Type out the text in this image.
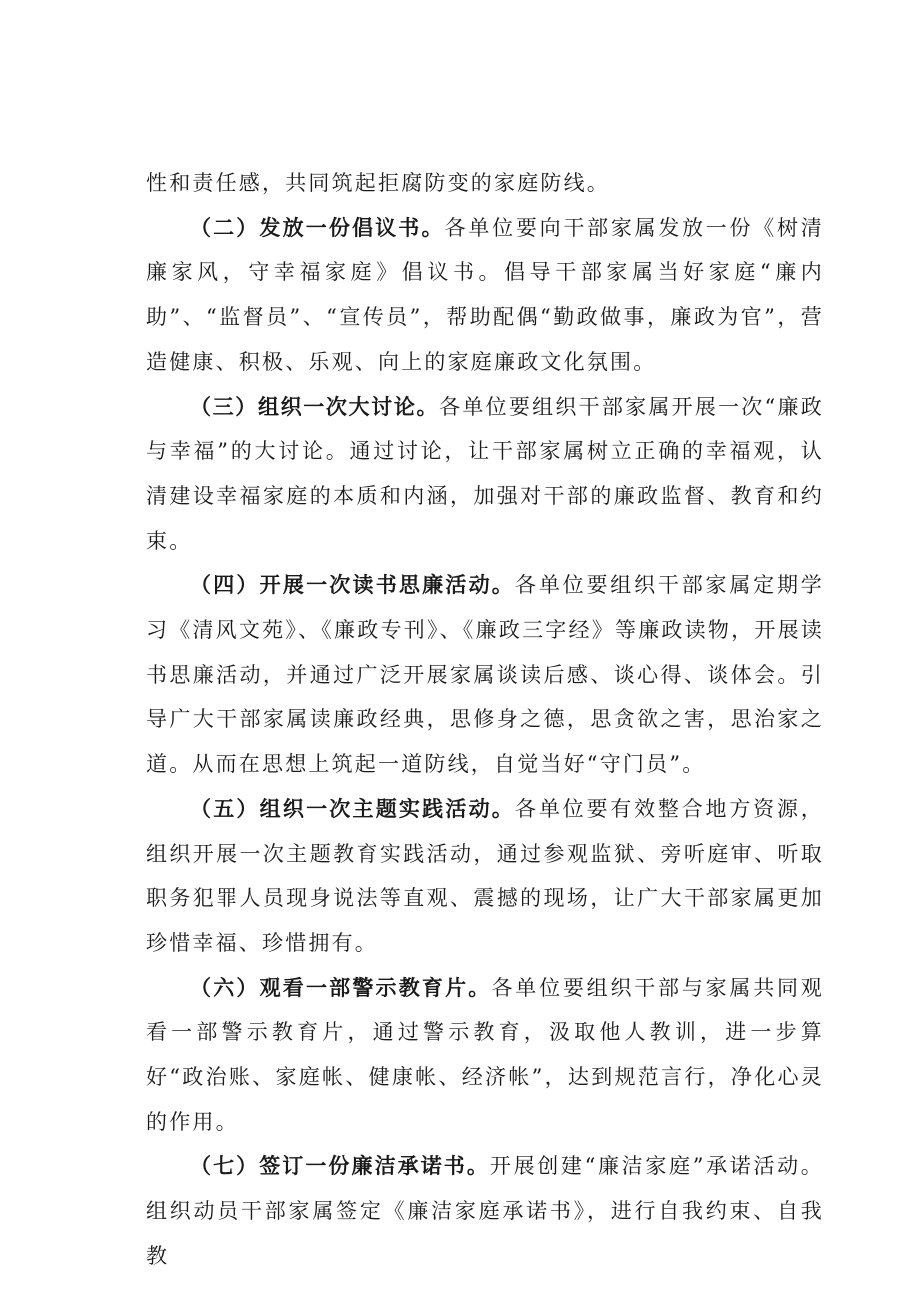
性和责任感，共同筑起拒腐防变的家庭防线。

（二）发放一份倡议书。各单位要向干部家属发放一份《树清廉家风，守幸福家庭》倡议书。倡导干部家属当好家庭“廉内助”、“监督员”、“宣传员”，帮助配偶“勤政做事，廉政为官”，营造健康、积极、乐观、向上的家庭廉政文化氛围。

（三）组织一次大讨论。各单位要组织干部家属开展一次“廉政与幸福”的大讨论。通过讨论，让干部家属树立正确的幸福观，认清建设幸福家庭的本质和内涵，加强对干部的廉政监督、教育和约束。

（四）开展一次读书思廉活动。各单位要组织干部家属定期学习《清风文苑》、《廉政专刊》、《廉政三字经》等廉政读物，开展读书思廉活动，并通过广泛开展家属谈读后感、谈心得、谈体会。引导广大干部家属读廉政经典，思修身之德，思贪欲之害，思治家之道。从而在思想上筑起一道防线，自觉当好“守门员”。

（五）组织一次主题实践活动。各单位要有效整合地方资源，组织开展一次主题教育实践活动，通过参观监狱、旁听庭审、听取职务犯罪人员现身说法等直观、震撼的现场，让广大干部家属更加珍惜幸福、珍惜拥有。

（六）观看一部警示教育片。各单位要组织干部与家属共同观看一部警示教育片，通过警示教育，汲取他人教训，进一步算好“政治账、家庭帐、健康帐、经济帐”，达到规范言行，净化心灵的作用。

（七）签订一份廉洁承诺书。开展创建“廉洁家庭”承诺活动。组织动员干部家属签定《廉洁家庭承诺书》，进行自我约束、自我教
